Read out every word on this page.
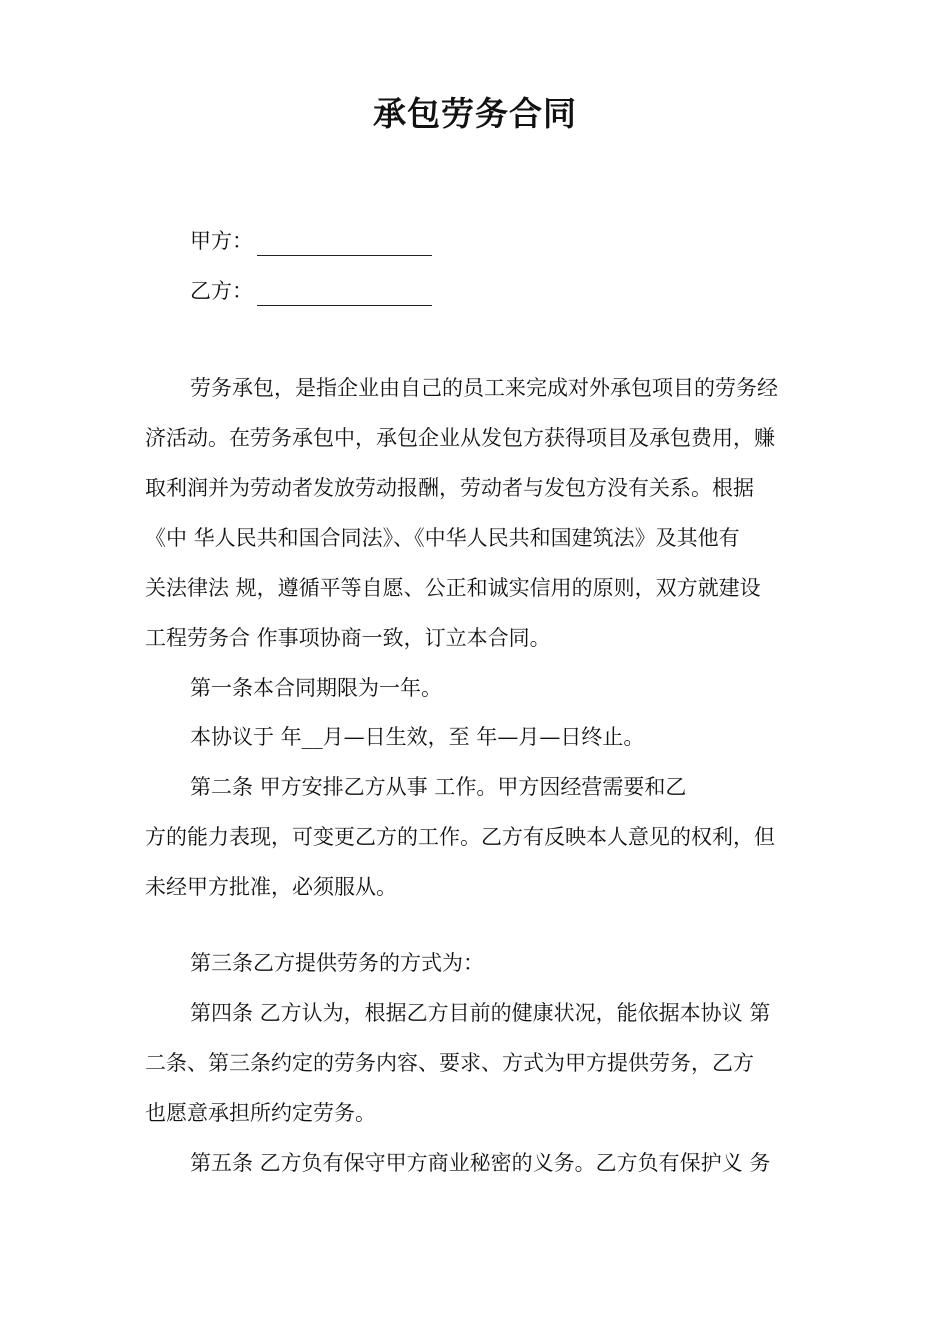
承包劳务合同
甲方：
乙方：
劳务承包，是指企业由自己的员工来完成对外承包项目的劳务经
济活动。在劳务承包中，承包企业从发包方获得项目及承包费用，赚
取利润并为劳动者发放劳动报酬，劳动者与发包方没有关系。根据
《中 华人民共和国合同法》、《中华人民共和国建筑法》及其他有
关法律法 规，遵循平等自愿、公正和诚实信用的原则，双方就建设
工程劳务合 作事项协商一致，订立本合同。
第一条本合同期限为一年。
本协议于 年__月—日生效，至 年—月—日终止。
第二条 甲方安排乙方从事 工作。甲方因经营需要和乙
方的能力表现，可变更乙方的工作。乙方有反映本人意见的权利，但
未经甲方批准，必须服从。
第三条乙方提供劳务的方式为：
第四条 乙方认为，根据乙方目前的健康状况，能依据本协议 第
二条、第三条约定的劳务内容、要求、方式为甲方提供劳务，乙方
也愿意承担所约定劳务。
第五条 乙方负有保守甲方商业秘密的义务。乙方负有保护义 务
